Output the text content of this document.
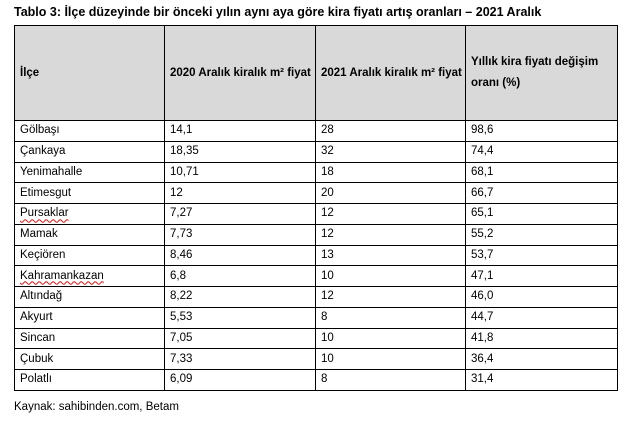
Tablo 3: İlçe düzeyinde bir önceki yılın aynı aya göre kira fiyatı artış oranları – 2021 Aralık
İlçe	2020 Aralık kiralık m² fiyat	2021 Aralık kiralık m² fiyat	Yıllık kira fiyatı değişim oranı (%)
Gölbaşı	14,1	28	98,6
Çankaya	18,35	32	74,4
Yenimahalle	10,71	18	68,1
Etimesgut	12	20	66,7
Pursaklar	7,27	12	65,1
Mamak	7,73	12	55,2
Keçiören	8,46	13	53,7
Kahramankazan	6,8	10	47,1
Altındağ	8,22	12	46,0
Akyurt	5,53	8	44,7
Sincan	7,05	10	41,8
Çubuk	7,33	10	36,4
Polatlı	6,09	8	31,4
Kaynak: sahibinden.com, Betam
